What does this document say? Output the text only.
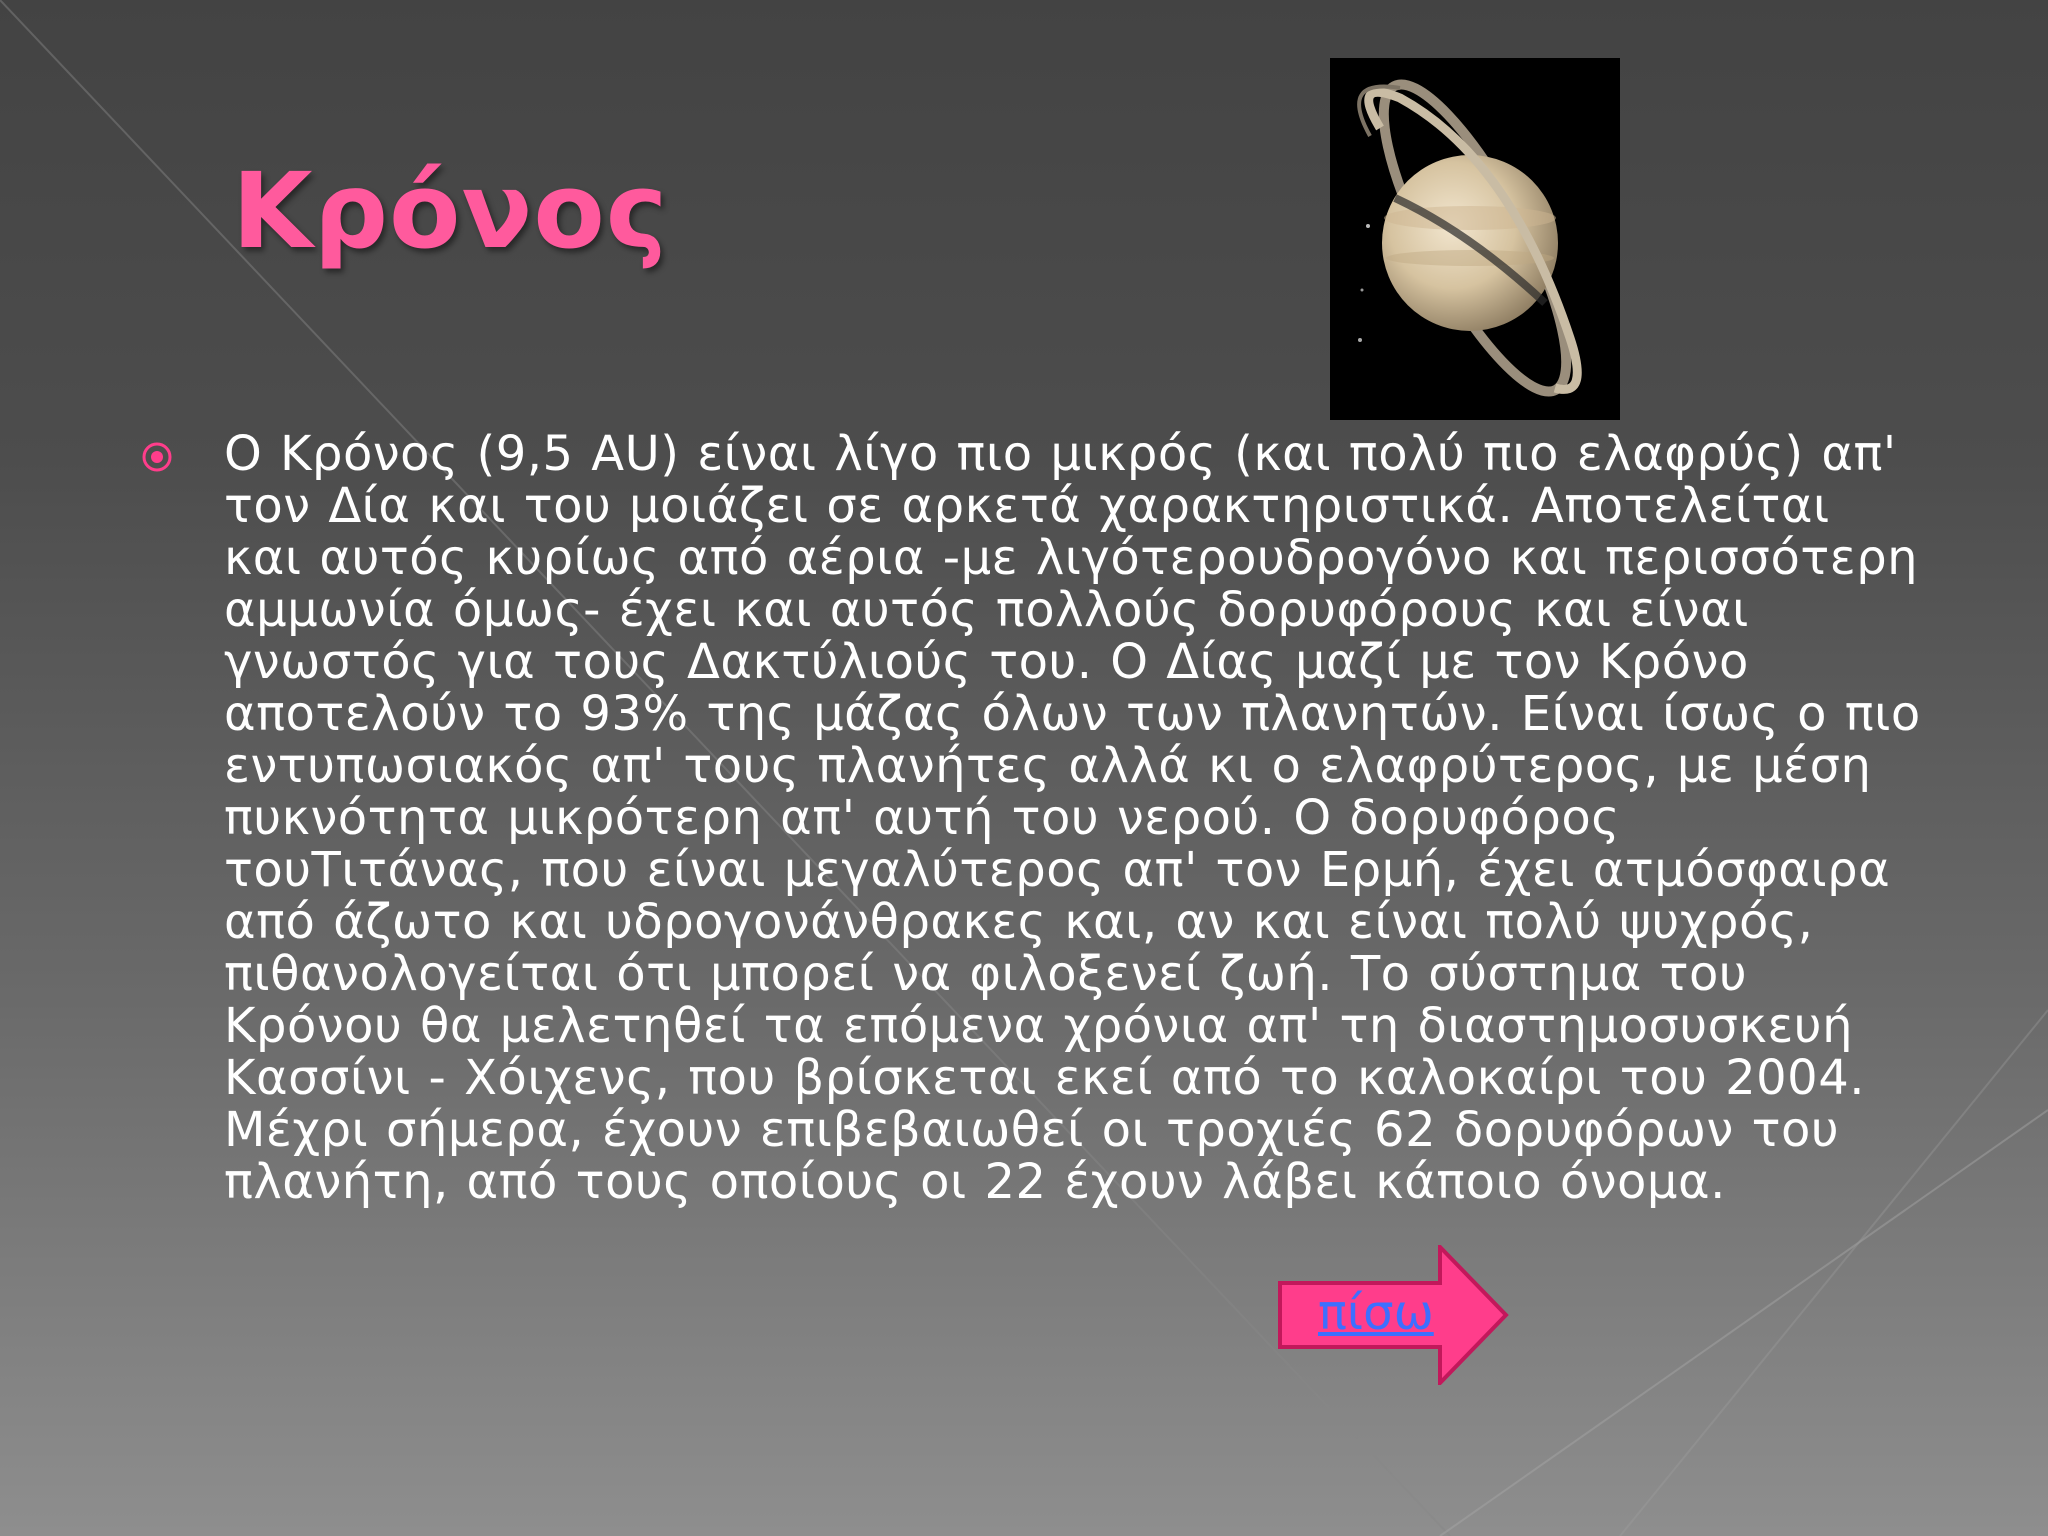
Κρόνος

Ο Κρόνος (9,5 AU) είναι λίγο πιο μικρός (και πολύ πιο ελαφρύς) απ' τον Δία και του μοιάζει σε αρκετά χαρακτηριστικά. Αποτελείται και αυτός κυρίως από αέρια -με λιγότερουδρογόνο και περισσότερη αμμωνία όμως- έχει και αυτός πολλούς δορυφόρους και είναι γνωστός για τους Δακτύλιούς του. Ο Δίας μαζί με τον Κρόνο αποτελούν το 93% της μάζας όλων των πλανητών. Είναι ίσως ο πιο εντυπωσιακός απ' τους πλανήτες αλλά κι ο ελαφρύτερος, με μέση πυκνότητα μικρότερη απ' αυτή του νερού. Ο δορυφόρος τουΤιτάνας, που είναι μεγαλύτερος απ' τον Ερμή, έχει ατμόσφαιρα από άζωτο και υδρογονάνθρακες και, αν και είναι πολύ ψυχρός, πιθανολογείται ότι μπορεί να φιλοξενεί ζωή. Το σύστημα του Κρόνου θα μελετηθεί τα επόμενα χρόνια απ' τη διαστημοσυσκευή Κασσίνι - Χόιχενς, που βρίσκεται εκεί από το καλοκαίρι του 2004. Μέχρι σήμερα, έχουν επιβεβαιωθεί οι τροχιές 62 δορυφόρων του πλανήτη, από τους οποίους οι 22 έχουν λάβει κάποιο όνομα.

πίσω
